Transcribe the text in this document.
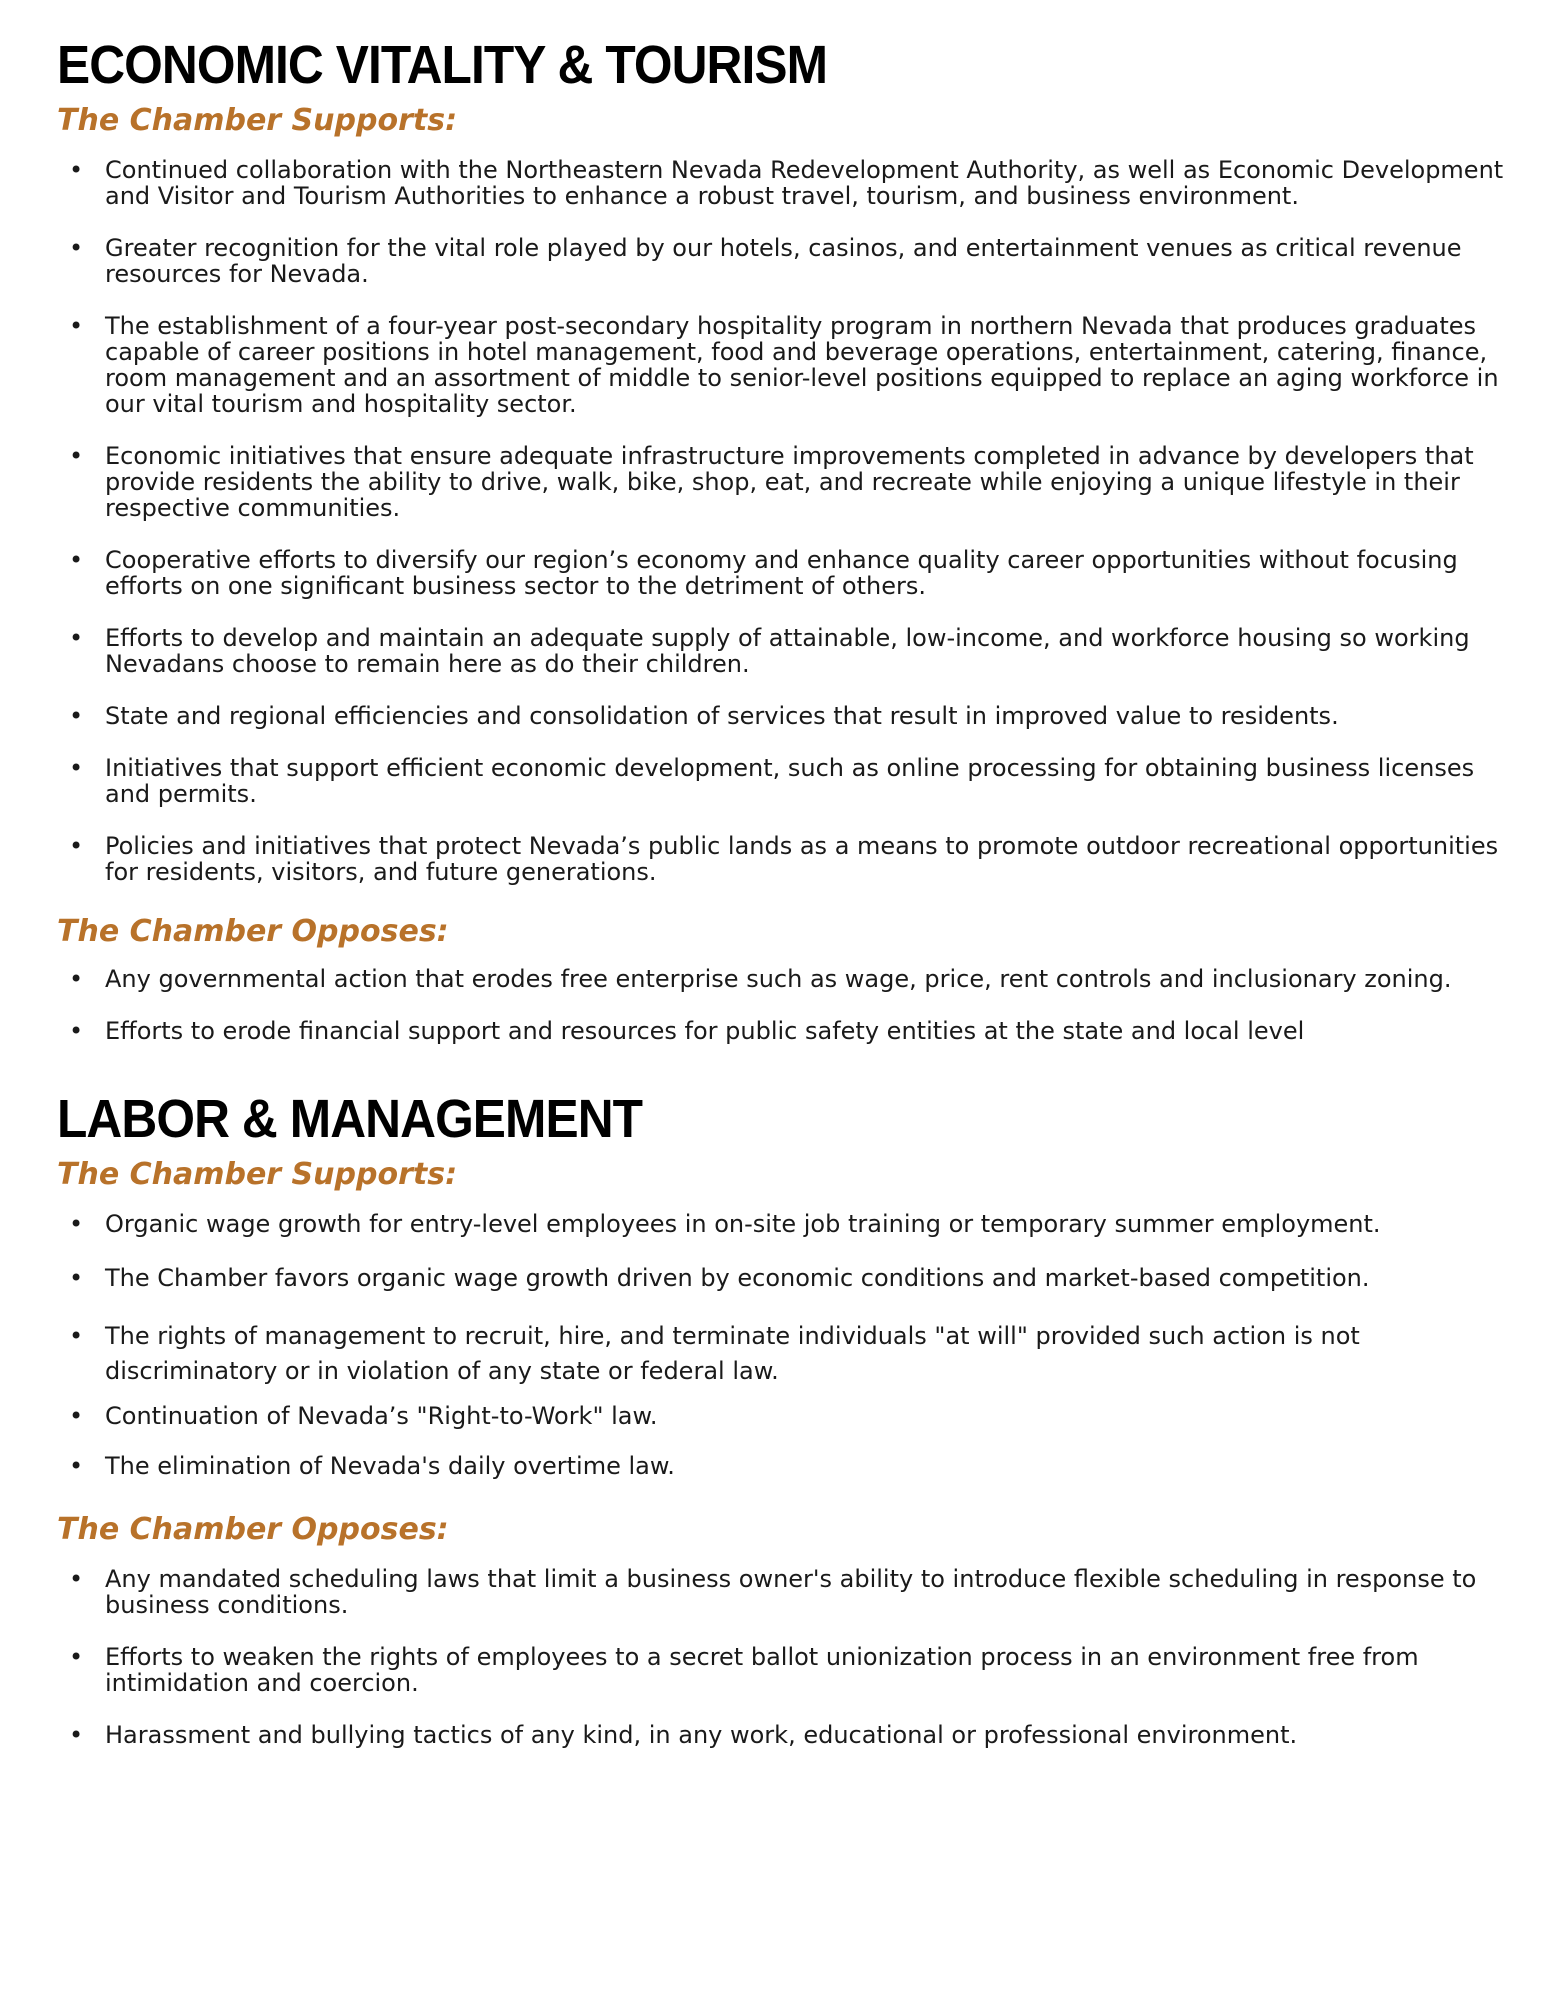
ECONOMIC VITALITY & TOURISM
The Chamber Supports:
• Continued collaboration with the Northeastern Nevada Redevelopment Authority, as well as Economic Development and Visitor and Tourism Authorities to enhance a robust travel, tourism, and business environment.
• Greater recognition for the vital role played by our hotels, casinos, and entertainment venues as critical revenue resources for Nevada.
• The establishment of a four-year post-secondary hospitality program in northern Nevada that produces graduates capable of career positions in hotel management, food and beverage operations, entertainment, catering, finance, room management and an assortment of middle to senior-level positions equipped to replace an aging workforce in our vital tourism and hospitality sector.
• Economic initiatives that ensure adequate infrastructure improvements completed in advance by developers that provide residents the ability to drive, walk, bike, shop, eat, and recreate while enjoying a unique lifestyle in their respective communities.
• Cooperative efforts to diversify our region’s economy and enhance quality career opportunities without focusing efforts on one significant business sector to the detriment of others.
• Efforts to develop and maintain an adequate supply of attainable, low-income, and workforce housing so working Nevadans choose to remain here as do their children.
• State and regional efficiencies and consolidation of services that result in improved value to residents.
• Initiatives that support efficient economic development, such as online processing for obtaining business licenses and permits.
• Policies and initiatives that protect Nevada’s public lands as a means to promote outdoor recreational opportunities for residents, visitors, and future generations.
The Chamber Opposes:
• Any governmental action that erodes free enterprise such as wage, price, rent controls and inclusionary zoning.
• Efforts to erode financial support and resources for public safety entities at the state and local level
LABOR & MANAGEMENT
The Chamber Supports:
• Organic wage growth for entry-level employees in on-site job training or temporary summer employment.
• The Chamber favors organic wage growth driven by economic conditions and market-based competition.
• The rights of management to recruit, hire, and terminate individuals "at will" provided such action is not discriminatory or in violation of any state or federal law.
• Continuation of Nevada’s "Right-to-Work" law.
• The elimination of Nevada's daily overtime law.
The Chamber Opposes:
• Any mandated scheduling laws that limit a business owner's ability to introduce flexible scheduling in response to business conditions.
• Efforts to weaken the rights of employees to a secret ballot unionization process in an environment free from intimidation and coercion.
• Harassment and bullying tactics of any kind, in any work, educational or professional environment.
